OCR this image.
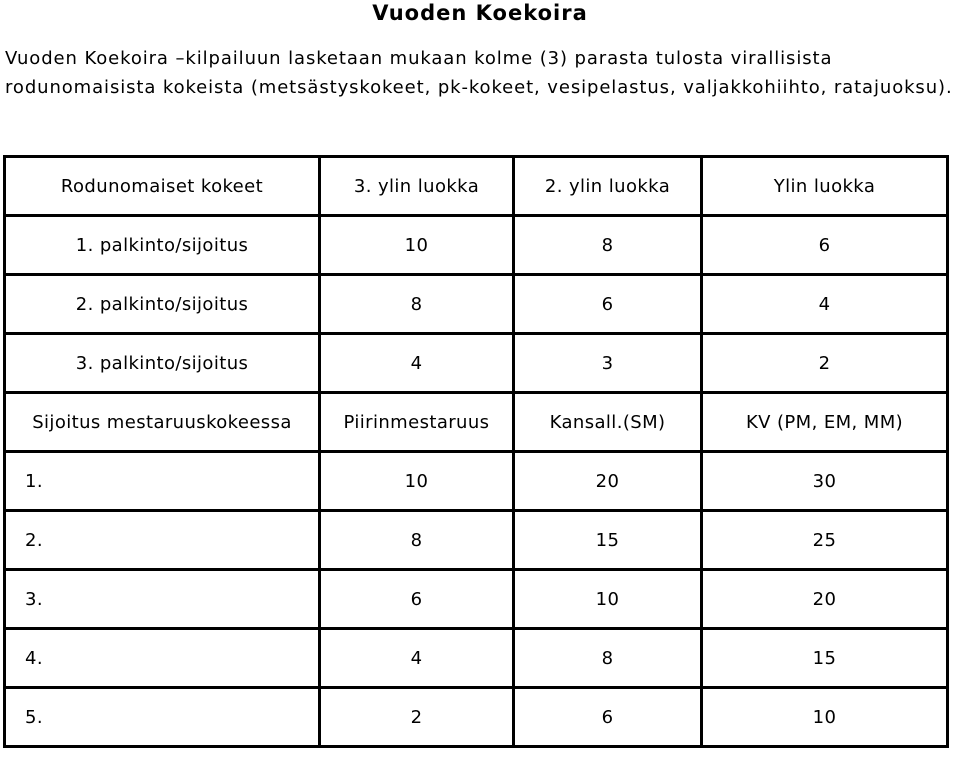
Vuoden Koekoira
Vuoden Koekoira –kilpailuun lasketaan mukaan kolme (3) parasta tulosta virallisista rodunomaisista kokeista (metsästyskokeet, pk-kokeet, vesipelastus, valjakkohiihto, ratajuoksu).
Rodunomaiset kokeet	3. ylin luokka	2. ylin luokka	Ylin luokka
1. palkinto/sijoitus	10	8	6
2. palkinto/sijoitus	8	6	4
3. palkinto/sijoitus	4	3	2
Sijoitus mestaruuskokeessa	Piirinmestaruus	Kansall.(SM)	KV (PM, EM, MM)
1.	10	20	30
2.	8	15	25
3.	6	10	20
4.	4	8	15
5.	2	6	10
